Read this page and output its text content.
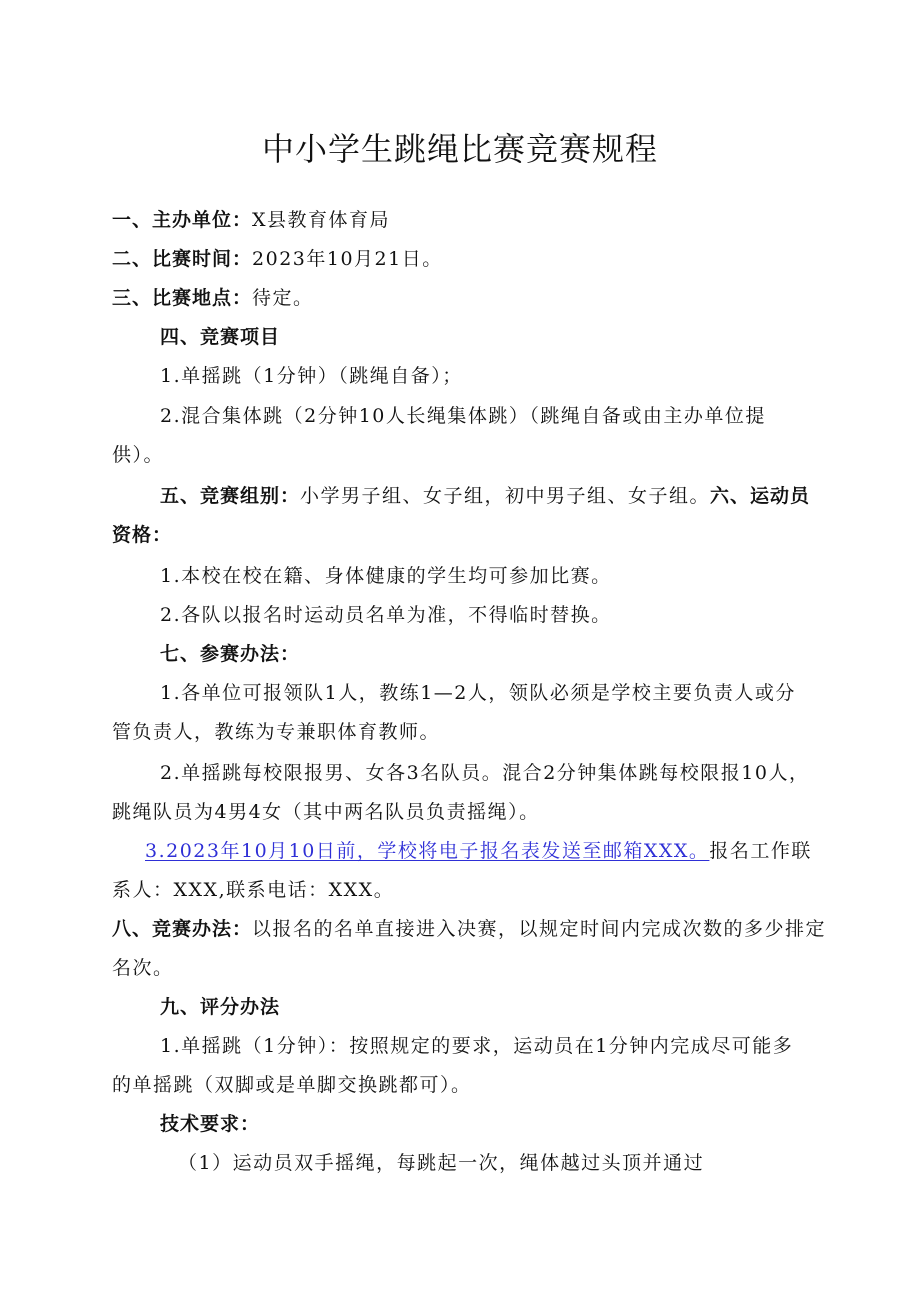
中小学生跳绳比赛竞赛规程
一、主办单位：X县教育体育局
二、比赛时间：2023年10月21日。
三、比赛地点：待定。
四、竞赛项目
1.单摇跳（1分钟）（跳绳自备）；
2.混合集体跳（2分钟10人长绳集体跳）（跳绳自备或由主办单位提
供）。
五、竞赛组别：小学男子组、女子组，初中男子组、女子组。六、运动员
资格：
1.本校在校在籍、身体健康的学生均可参加比赛。
2.各队以报名时运动员名单为准，不得临时替换。
七、参赛办法：
1.各单位可报领队1人，教练1—2人，领队必须是学校主要负责人或分
管负责人，教练为专兼职体育教师。
2.单摇跳每校限报男、女各3名队员。混合2分钟集体跳每校限报10人，
跳绳队员为4男4女（其中两名队员负责摇绳）。
3.2023年10月10日前，学校将电子报名表发送至邮箱XXX。报名工作联
系人：XXX,联系电话：XXX。
八、竞赛办法：以报名的名单直接进入决赛，以规定时间内完成次数的多少排定
名次。
九、评分办法
1.单摇跳（1分钟）：按照规定的要求，运动员在1分钟内完成尽可能多
的单摇跳（双脚或是单脚交换跳都可）。
技术要求：
（1）运动员双手摇绳，每跳起一次，绳体越过头顶并通过
